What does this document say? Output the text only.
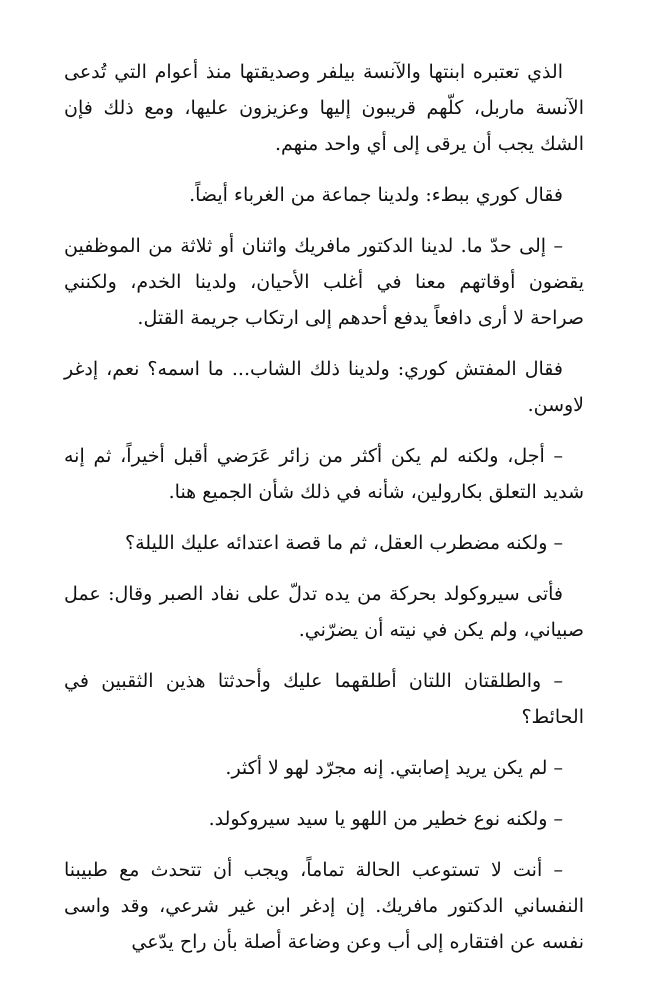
الذي تعتبره ابنتها والآنسة بيلفر وصديقتها منذ أعوام التي تُدعى الآنسة ماربل، كلّهم قريبون إليها وعزيزون عليها، ومع ذلك فإن الشك يجب أن يرقى إلى أي واحد منهم.

فقال كوري ببطء: ولدينا جماعة من الغرباء أيضاً.

– إلى حدّ ما. لدينا الدكتور مافريك واثنان أو ثلاثة من الموظفين يقضون أوقاتهم معنا في أغلب الأحيان، ولدينا الخدم، ولكنني صراحة لا أرى دافعاً يدفع أحدهم إلى ارتكاب جريمة القتل.

فقال المفتش كوري: ولدينا ذلك الشاب... ما اسمه؟ نعم، إدغر لاوسن.

– أجل، ولكنه لم يكن أكثر من زائر عَرَضي أقبل أخيراً، ثم إنه شديد التعلق بكارولين، شأنه في ذلك شأن الجميع هنا.

– ولكنه مضطرب العقل، ثم ما قصة اعتدائه عليك الليلة؟

فأتى سيروكولد بحركة من يده تدلّ على نفاد الصبر وقال: عمل صبياني، ولم يكن في نيته أن يضرّني.

– والطلقتان اللتان أطلقهما عليك وأحدثتا هذين الثقبين في الحائط؟

– لم يكن يريد إصابتي. إنه مجرّد لهو لا أكثر.

– ولكنه نوع خطير من اللهو يا سيد سيروكولد.

– أنت لا تستوعب الحالة تماماً، ويجب أن تتحدث مع طبيبنا النفساني الدكتور مافريك. إن إدغر ابن غير شرعي، وقد واسى نفسه عن افتقاره إلى أب وعن وضاعة أصلة بأن راح يدّعي
